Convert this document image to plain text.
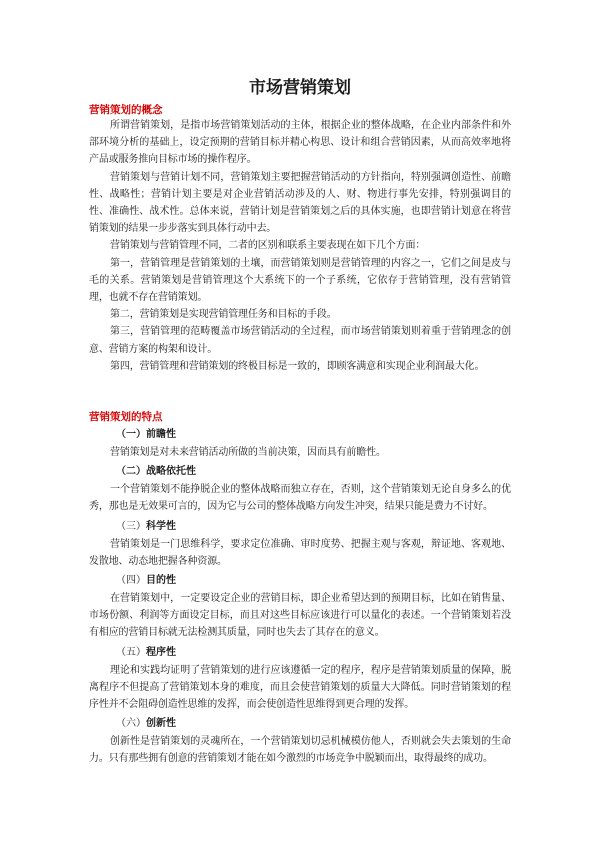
市场营销策划

营销策划的概念

所谓营销策划，是指市场营销策划活动的主体，根据企业的整体战略，在企业内部条件和外部环境分析的基础上，设定预期的营销目标并精心构思、设计和组合营销因素，从而高效率地将产品或服务推向目标市场的操作程序。

营销策划与营销计划不同，营销策划主要把握营销活动的方针指向，特别强调创造性、前瞻性、战略性；营销计划主要是对企业营销活动涉及的人、财、物进行事先安排，特别强调目的性、准确性、战术性。总体来说，营销计划是营销策划之后的具体实施，也即营销计划意在将营销策划的结果一步步落实到具体行动中去。

营销策划与营销管理不同，二者的区别和联系主要表现在如下几个方面：

第一，营销管理是营销策划的土壤，而营销策划则是营销管理的内容之一，它们之间是皮与毛的关系。营销策划是营销管理这个大系统下的一个子系统，它依存于营销管理，没有营销管理，也就不存在营销策划。

第二，营销策划是实现营销管理任务和目标的手段。

第三，营销管理的范畴覆盖市场营销活动的全过程，而市场营销策划则着重于营销理念的创意、营销方案的构架和设计。

第四，营销管理和营销策划的终极目标是一致的，即顾客满意和实现企业利润最大化。

营销策划的特点

（一）前瞻性

营销策划是对未来营销活动所做的当前决策，因而具有前瞻性。

（二）战略依托性

一个营销策划不能挣脱企业的整体战略而独立存在，否则，这个营销策划无论自身多么的优秀，那也是无效果可言的，因为它与公司的整体战略方向发生冲突，结果只能是费力不讨好。

（三）科学性

营销策划是一门思维科学，要求定位准确、审时度势、把握主观与客观，辩证地、客观地、发散地、动态地把握各种资源。

（四）目的性

在营销策划中，一定要设定企业的营销目标，即企业希望达到的预期目标，比如在销售量、市场份额、利润等方面设定目标，而且对这些目标应该进行可以量化的表述。一个营销策划若没有相应的营销目标就无法检测其质量，同时也失去了其存在的意义。

（五）程序性

理论和实践均证明了营销策划的进行应该遵循一定的程序，程序是营销策划质量的保障，脱离程序不但提高了营销策划本身的难度，而且会使营销策划的质量大大降低。同时营销策划的程序性并不会阻碍创造性思维的发挥，而会使创造性思维得到更合理的发挥。

（六）创新性

创新性是营销策划的灵魂所在，一个营销策划切忌机械模仿他人，否则就会失去策划的生命力。只有那些拥有创意的营销策划才能在如今激烈的市场竞争中脱颖而出，取得最终的成功。
